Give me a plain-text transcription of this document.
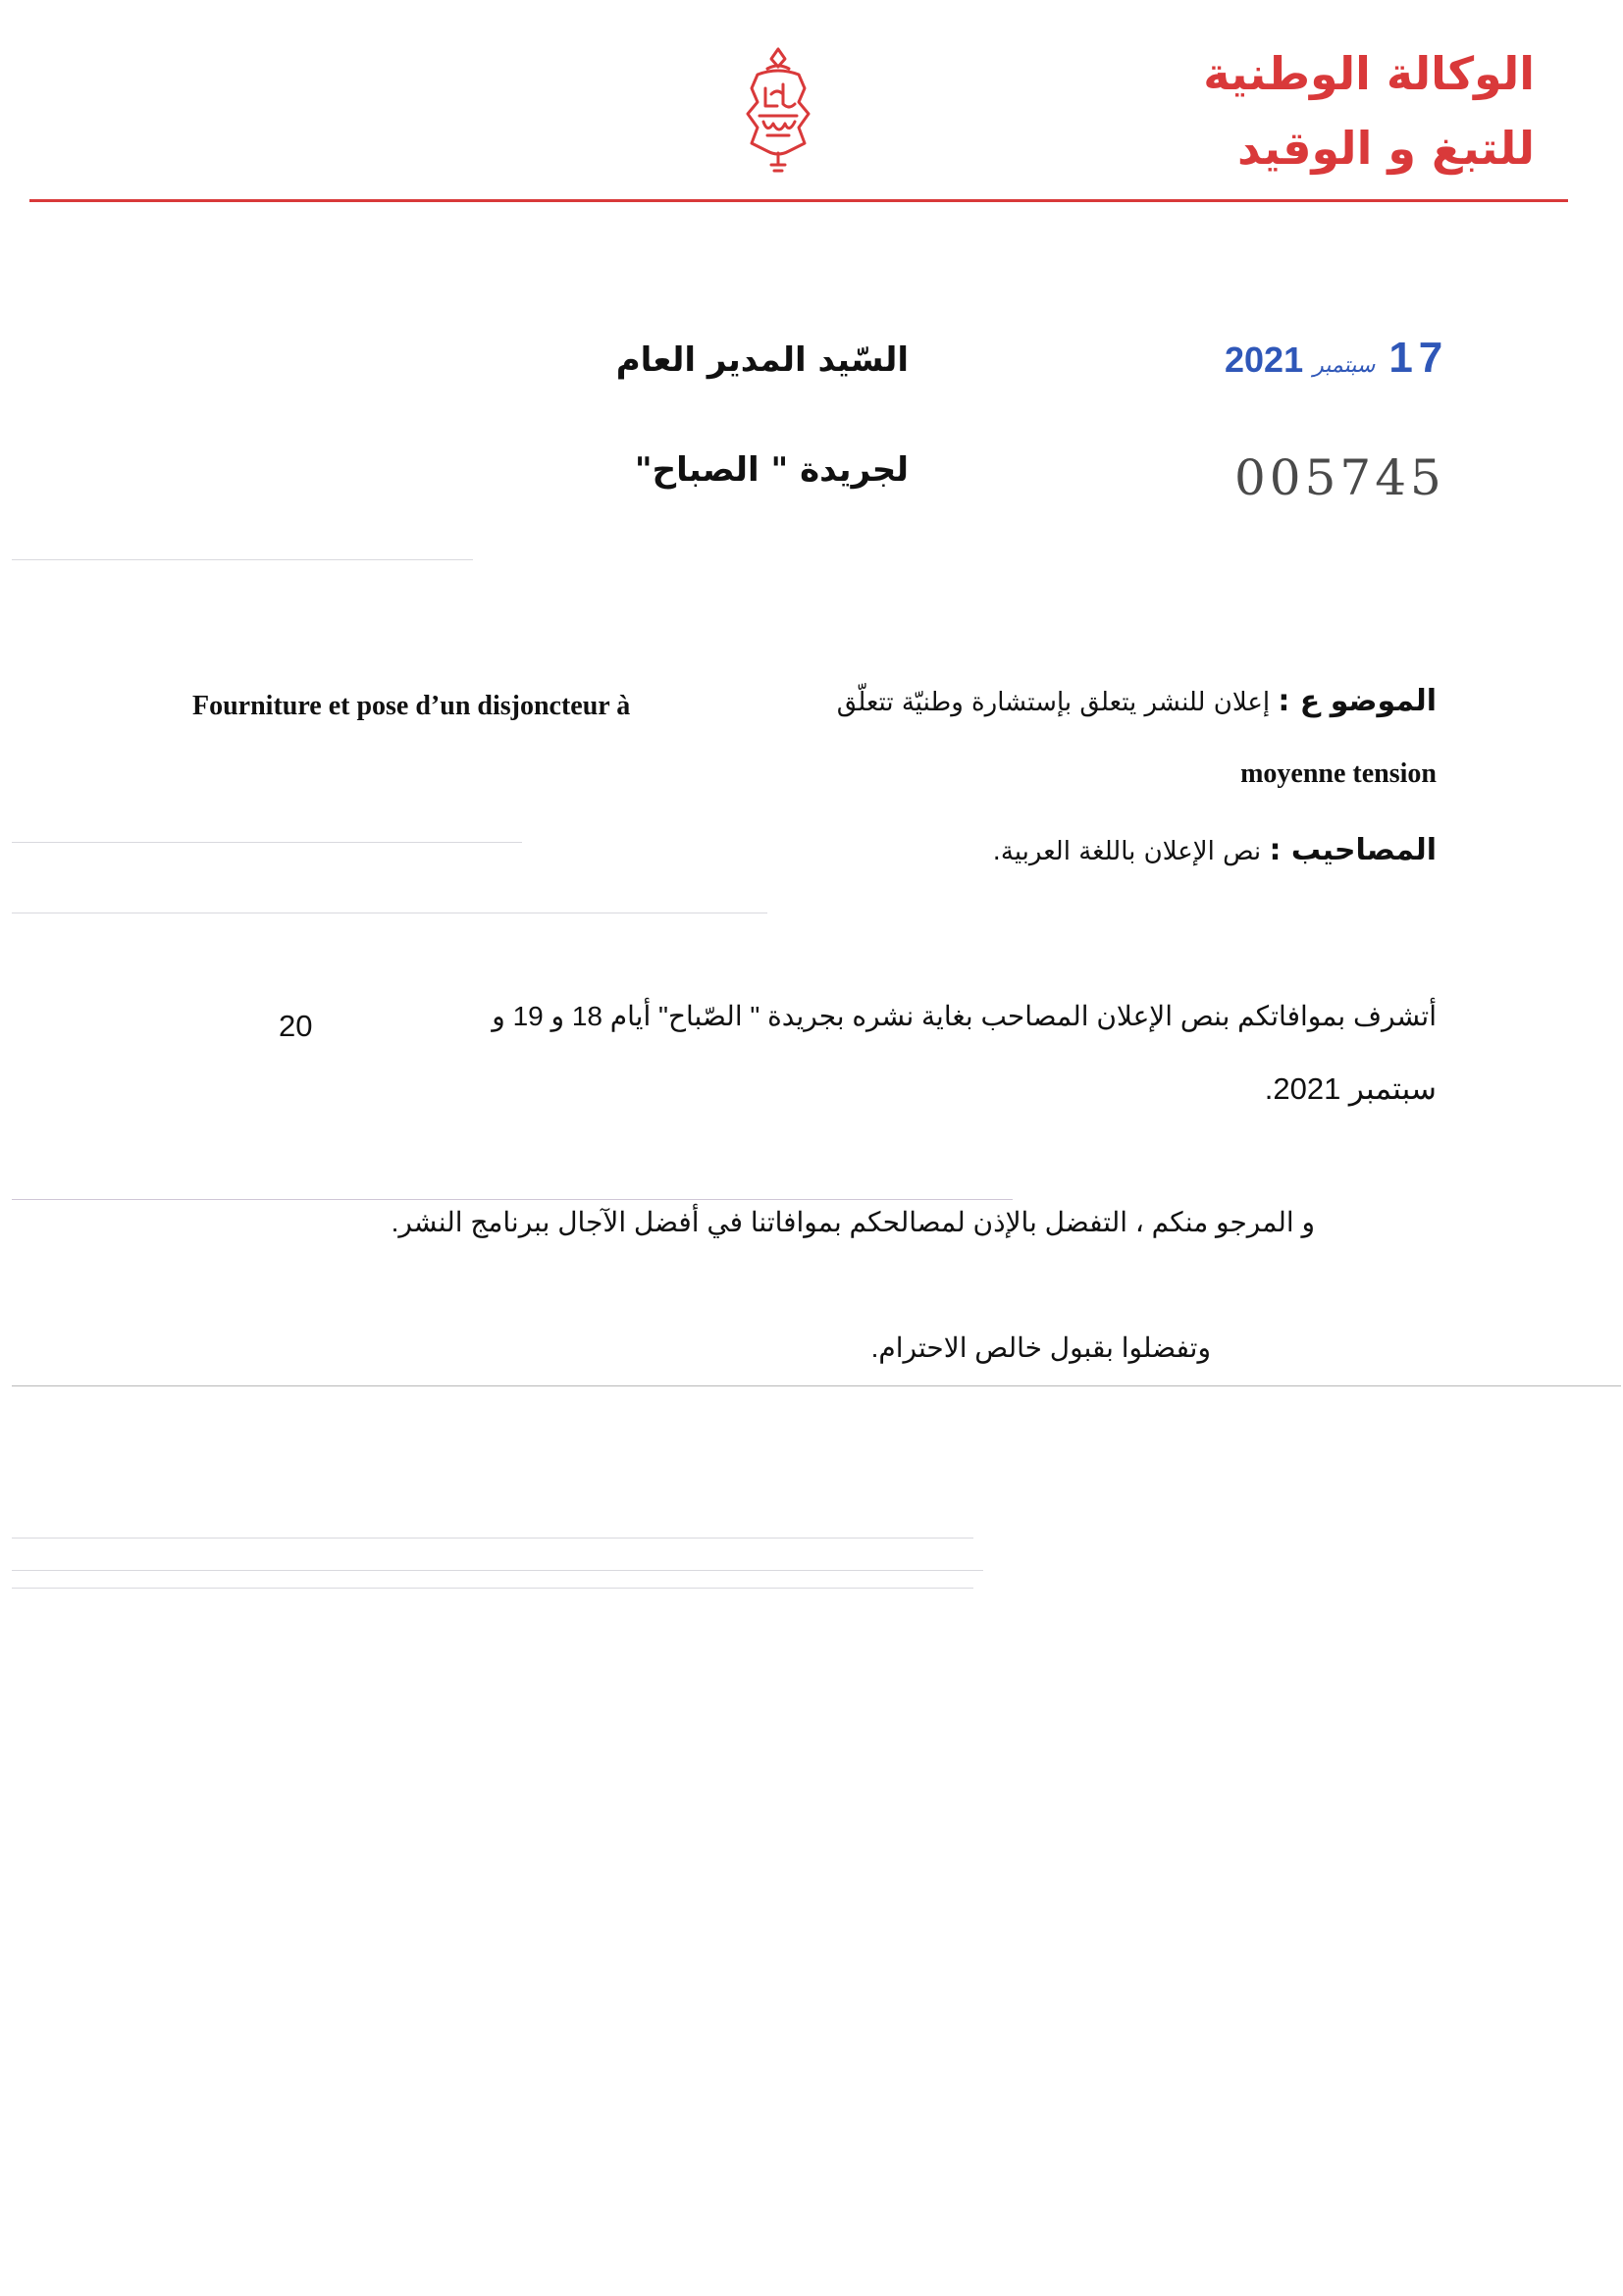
الوكالة الوطنية
للتبغ و الوقيد
السّيد المدير العام
لجريدة " الصباح"
2021 سبتمبر 17
005745
الموضو ع : إعلان للنشر يتعلق بإستشارة وطنيّة تتعلّق
Fourniture et pose d’un disjoncteur à
moyenne tension
المصاحيب : نص الإعلان باللغة العربية.
أتشرف بموافاتكم بنص الإعلان المصاحب بغاية نشره بجريدة " الصّباح" أيام 18 و 19 و
20
سبتمبر 2021.
و المرجو منكم ، التفضل بالإذن لمصالحكم بموافاتنا في أفضل الآجال ببرنامج النشر.
وتفضلوا بقبول خالص الاحترام.
